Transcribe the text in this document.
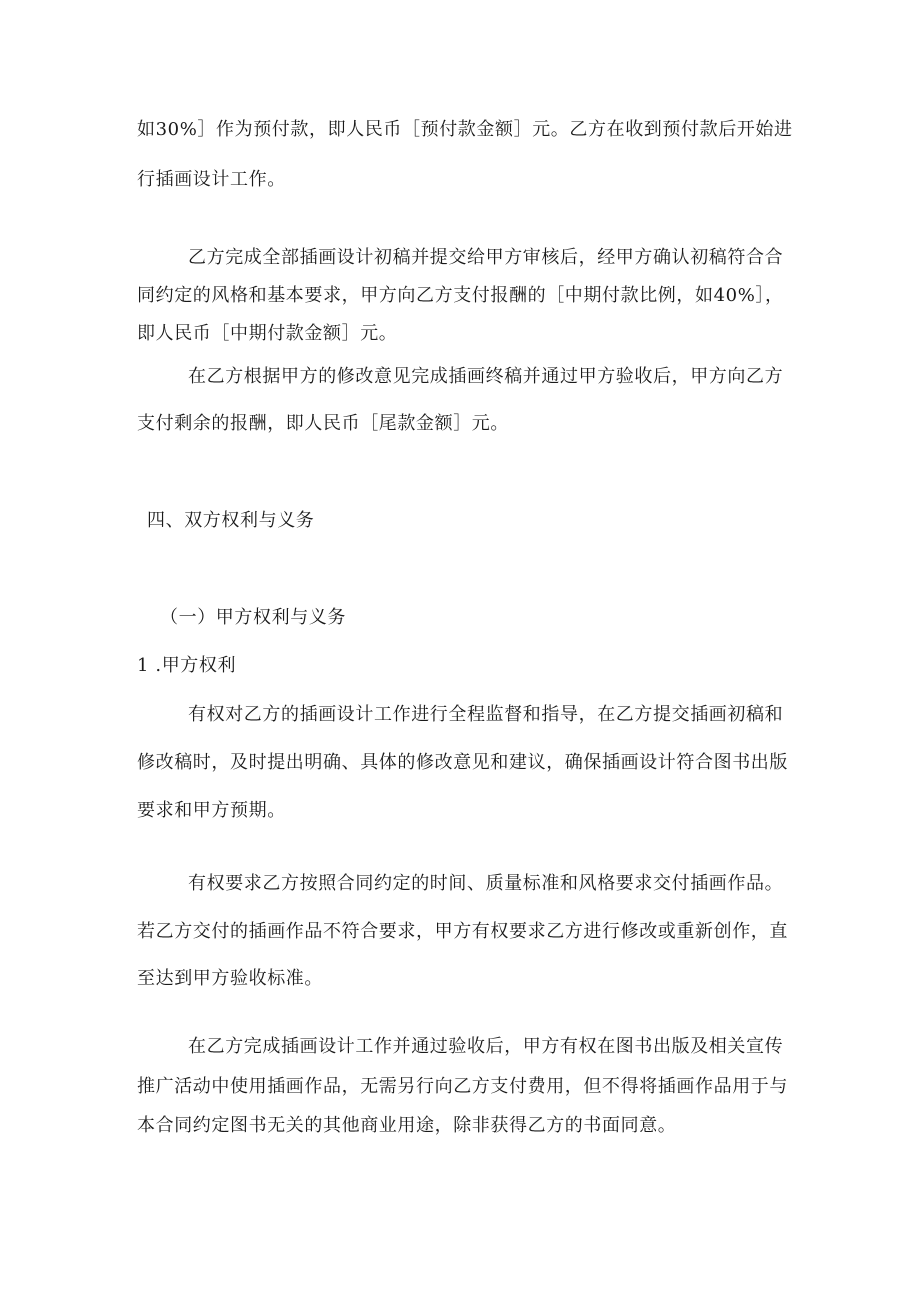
如30%］作为预付款，即人民币［预付款金额］元。乙方在收到预付款后开始进
行插画设计工作。
乙方完成全部插画设计初稿并提交给甲方审核后，经甲方确认初稿符合合
同约定的风格和基本要求，甲方向乙方支付报酬的［中期付款比例，如40%］，
即人民币［中期付款金额］元。
在乙方根据甲方的修改意见完成插画终稿并通过甲方验收后，甲方向乙方
支付剩余的报酬，即人民币［尾款金额］元。
四、双方权利与义务
（一）甲方权利与义务
1 .甲方权利
有权对乙方的插画设计工作进行全程监督和指导，在乙方提交插画初稿和
修改稿时，及时提出明确、具体的修改意见和建议，确保插画设计符合图书出版
要求和甲方预期。
有权要求乙方按照合同约定的时间、质量标准和风格要求交付插画作品。
若乙方交付的插画作品不符合要求，甲方有权要求乙方进行修改或重新创作，直
至达到甲方验收标准。
在乙方完成插画设计工作并通过验收后，甲方有权在图书出版及相关宣传
推广活动中使用插画作品，无需另行向乙方支付费用，但不得将插画作品用于与
本合同约定图书无关的其他商业用途，除非获得乙方的书面同意。
